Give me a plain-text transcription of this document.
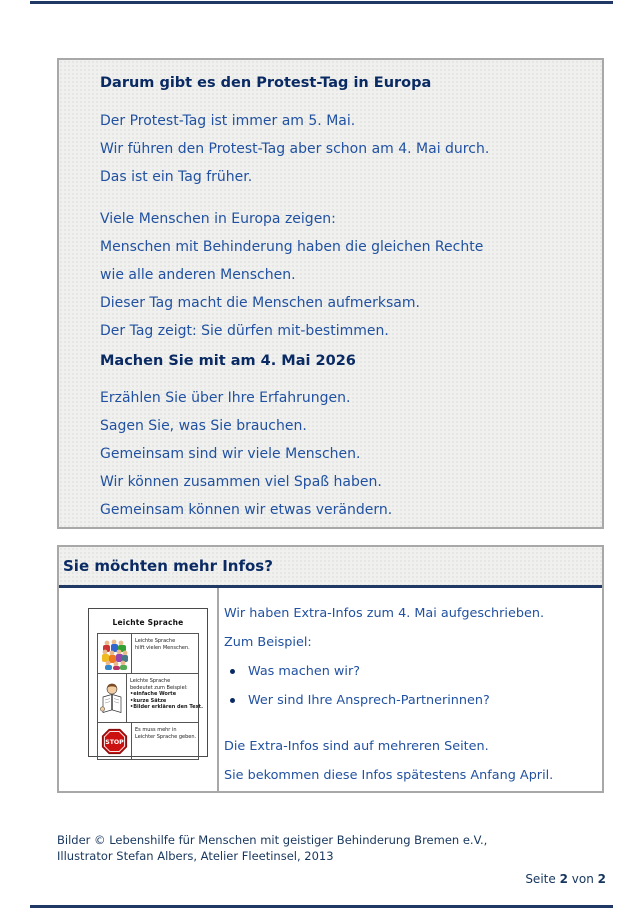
Darum gibt es den Protest-Tag in Europa
Der Protest-Tag ist immer am 5. Mai.
Wir führen den Protest-Tag aber schon am 4. Mai durch.
Das ist ein Tag früher.
Viele Menschen in Europa zeigen:
Menschen mit Behinderung haben die gleichen Rechte
wie alle anderen Menschen.
Dieser Tag macht die Menschen aufmerksam.
Der Tag zeigt: Sie dürfen mit-bestimmen.
Machen Sie mit am 4. Mai 2026
Erzählen Sie über Ihre Erfahrungen.
Sagen Sie, was Sie brauchen.
Gemeinsam sind wir viele Menschen.
Wir können zusammen viel Spaß haben.
Gemeinsam können wir etwas verändern.
Sie möchten mehr Infos?
Leichte Sprache
Leichte Sprache
hilft vielen Menschen.
Leichte Sprache
bedeutet zum Beispiel:
• einfache Worte
• kurze Sätze
• Bilder erklären den Text.
STOP
Es muss mehr in
Leichter Sprache geben.
Wir haben Extra-Infos zum 4. Mai aufgeschrieben.
Zum Beispiel:
Was machen wir?
Wer sind Ihre Ansprech-Partnerinnen?
Die Extra-Infos sind auf mehreren Seiten.
Sie bekommen diese Infos spätestens Anfang April.
Bilder © Lebenshilfe für Menschen mit geistiger Behinderung Bremen e.V.,
Illustrator Stefan Albers, Atelier Fleetinsel, 2013
Seite 2 von 2
